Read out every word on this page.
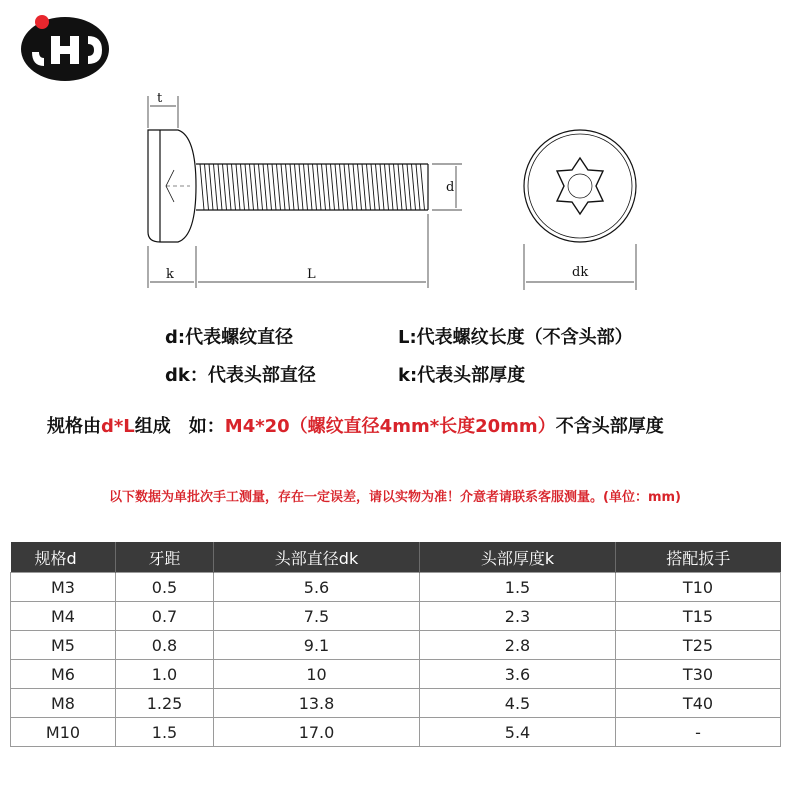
t
d
k	L	dk
d:代表螺纹直径	L:代表螺纹长度（不含头部）
dk：代表头部直径	k:代表头部厚度
规格由d*L组成　如：M4*20（螺纹直径4mm*长度20mm）不含头部厚度
以下数据为单批次手工测量，存在一定误差，请以实物为准！介意者请联系客服测量。(单位：mm)
规格d	牙距	头部直径dk	头部厚度k	搭配扳手
M3	0.5	5.6	1.5	T10
M4	0.7	7.5	2.3	T15
M5	0.8	9.1	2.8	T25
M6	1.0	10	3.6	T30
M8	1.25	13.8	4.5	T40
M10	1.5	17.0	5.4	-
